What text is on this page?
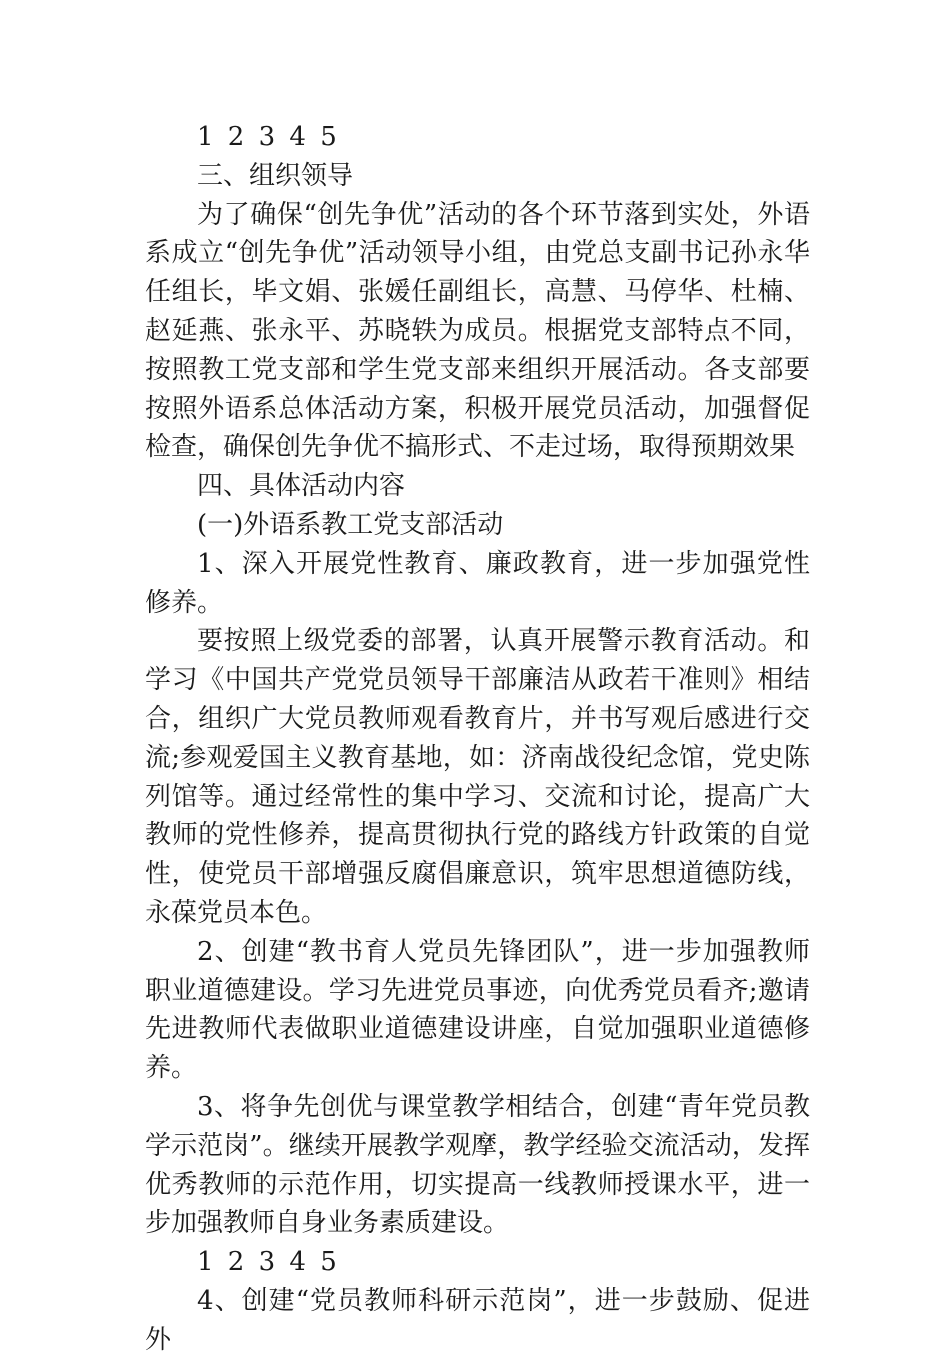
1 2 3 4 5

三、组织领导

为了确保“创先争优”活动的各个环节落到实处，外语系成立“创先争优”活动领导小组，由党总支副书记孙永华任组长，毕文娟、张媛任副组长，高慧、马停华、杜楠、赵延燕、张永平、苏晓轶为成员。根据党支部特点不同，按照教工党支部和学生党支部来组织开展活动。各支部要按照外语系总体活动方案，积极开展党员活动，加强督促检查，确保创先争优不搞形式、不走过场，取得预期效果

四、具体活动内容

(一)外语系教工党支部活动

1、深入开展党性教育、廉政教育，进一步加强党性修养。

要按照上级党委的部署，认真开展警示教育活动。和学习《中国共产党党员领导干部廉洁从政若干准则》相结合，组织广大党员教师观看教育片，并书写观后感进行交流;参观爱国主义教育基地，如：济南战役纪念馆，党史陈列馆等。通过经常性的集中学习、交流和讨论，提高广大教师的党性修养，提高贯彻执行党的路线方针政策的自觉性，使党员干部增强反腐倡廉意识，筑牢思想道德防线，永葆党员本色。

2、创建“教书育人党员先锋团队”，进一步加强教师职业道德建设。学习先进党员事迹，向优秀党员看齐;邀请先进教师代表做职业道德建设讲座，自觉加强职业道德修养。

3、将争先创优与课堂教学相结合，创建“青年党员教学示范岗”。继续开展教学观摩，教学经验交流活动，发挥优秀教师的示范作用，切实提高一线教师授课水平，进一步加强教师自身业务素质建设。

1 2 3 4 5

4、创建“党员教师科研示范岗”，进一步鼓励、促进外
